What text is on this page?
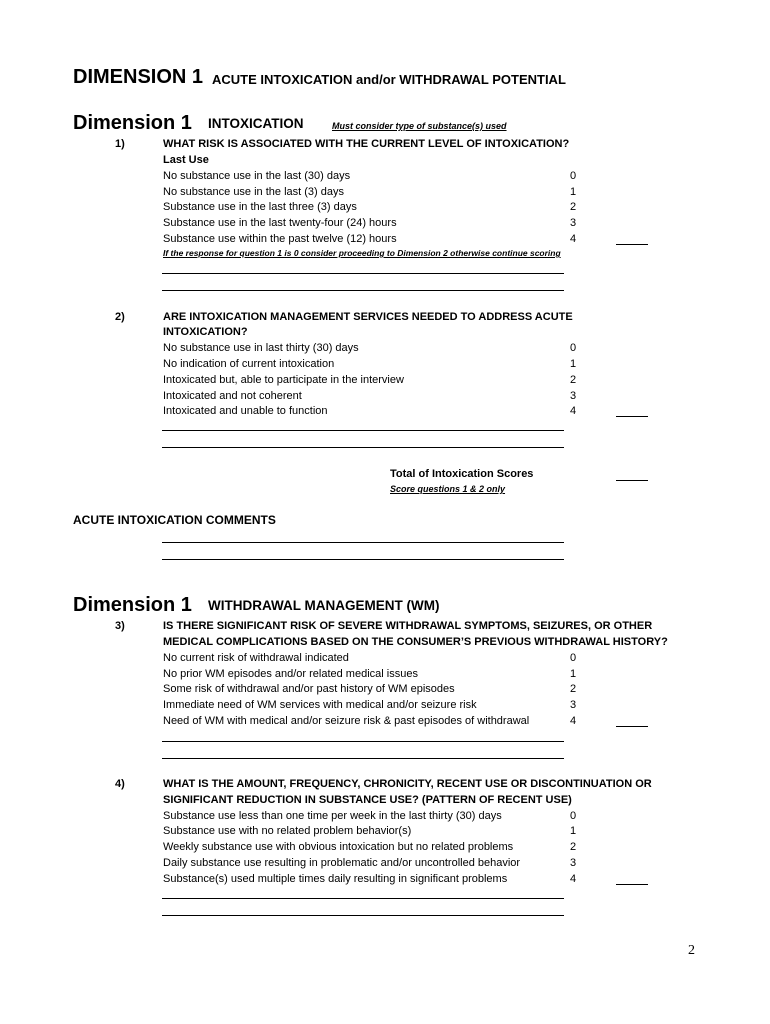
DIMENSION 1 ACUTE INTOXICATION and/or WITHDRAWAL POTENTIAL
Dimension 1 INTOXICATION	Must consider type of substance(s) used
1)	WHAT RISK IS ASSOCIATED WITH THE CURRENT LEVEL OF INTOXICATION?
Last Use
No substance use in the last (30) days	0
No substance use in the last (3) days	1
Substance use in the last three (3) days	2
Substance use in the last twenty-four (24) hours	3
Substance use within the past twelve (12) hours	4
If the response for question 1 is 0 consider proceeding to Dimension 2 otherwise continue scoring
2)	ARE INTOXICATION MANAGEMENT SERVICES NEEDED TO ADDRESS ACUTE
INTOXICATION?
No substance use in last thirty (30) days	0
No indication of current intoxication	1
Intoxicated but, able to participate in the interview	2
Intoxicated and not coherent	3
Intoxicated and unable to function	4
Total of Intoxication Scores
Score questions 1 & 2 only
ACUTE INTOXICATION COMMENTS
Dimension 1 WITHDRAWAL MANAGEMENT (WM)
3)	IS THERE SIGNIFICANT RISK OF SEVERE WITHDRAWAL SYMPTOMS, SEIZURES, OR OTHER
MEDICAL COMPLICATIONS BASED ON THE CONSUMER’S PREVIOUS WITHDRAWAL HISTORY?
No current risk of withdrawal indicated	0
No prior WM episodes and/or related medical issues	1
Some risk of withdrawal and/or past history of WM episodes	2
Immediate need of WM services with medical and/or seizure risk	3
Need of WM with medical and/or seizure risk & past episodes of withdrawal	4
4)	WHAT IS THE AMOUNT, FREQUENCY, CHRONICITY, RECENT USE OR DISCONTINUATION OR
SIGNIFICANT REDUCTION IN SUBSTANCE USE? (PATTERN OF RECENT USE)
Substance use less than one time per week in the last thirty (30) days	0
Substance use with no related problem behavior(s)	1
Weekly substance use with obvious intoxication but no related problems	2
Daily substance use resulting in problematic and/or uncontrolled behavior	3
Substance(s) used multiple times daily resulting in significant problems	4
2
